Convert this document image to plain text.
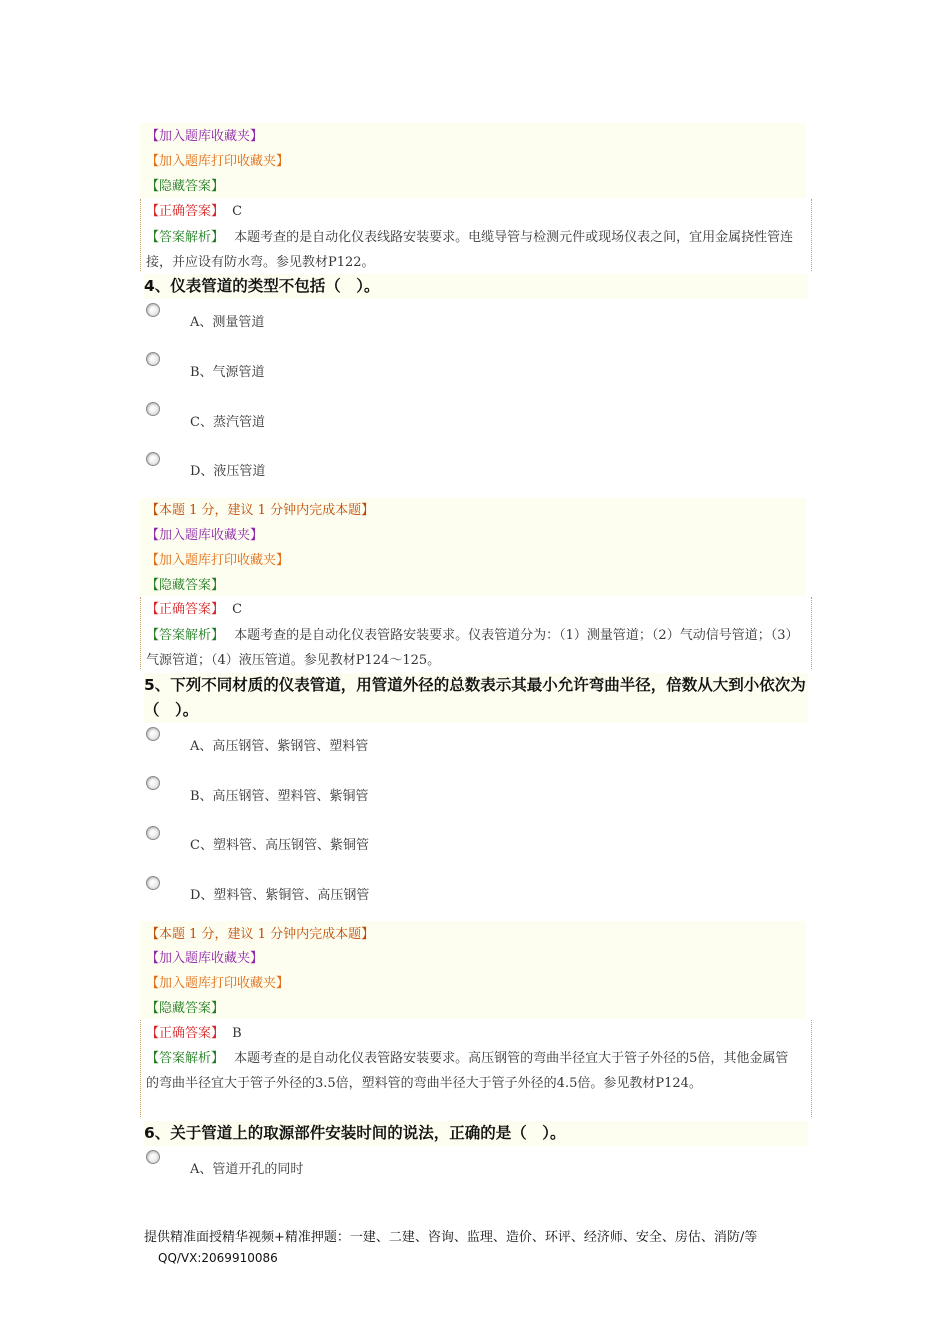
【加入题库收藏夹】
【加入题库打印收藏夹】
【隐藏答案】
【正确答案】 C
【答案解析】 本题考查的是自动化仪表线路安装要求。电缆导管与检测元件或现场仪表之间，宜用金属挠性管连接，并应设有防水弯。参见教材P122。
4、仪表管道的类型不包括（　）。
A、测量管道
B、气源管道
C、蒸汽管道
D、液压管道
【本题 1 分，建议 1 分钟内完成本题】
【加入题库收藏夹】
【加入题库打印收藏夹】
【隐藏答案】
【正确答案】 C
【答案解析】 本题考查的是自动化仪表管路安装要求。仪表管道分为：（1）测量管道；（2）气动信号管道；（3）气源管道；（4）液压管道。参见教材P124～125。
5、下列不同材质的仪表管道，用管道外径的总数表示其最小允许弯曲半径，倍数从大到小依次为（　）。
A、高压钢管、紫钢管、塑料管
B、高压钢管、塑料管、紫铜管
C、塑料管、高压钢管、紫铜管
D、塑料管、紫铜管、高压钢管
【本题 1 分，建议 1 分钟内完成本题】
【加入题库收藏夹】
【加入题库打印收藏夹】
【隐藏答案】
【正确答案】 B
【答案解析】 本题考查的是自动化仪表管路安装要求。高压钢管的弯曲半径宜大于管子外径的5倍，其他金属管的弯曲半径宜大于管子外径的3.5倍，塑料管的弯曲半径大于管子外径的4.5倍。参见教材P124。
6、关于管道上的取源部件安装时间的说法，正确的是（　）。
A、管道开孔的同时
提供精准面授精华视频+精准押题：一建、二建、咨询、监理、造价、环评、经济师、安全、房估、消防/等 QQ/VX:2069910086
